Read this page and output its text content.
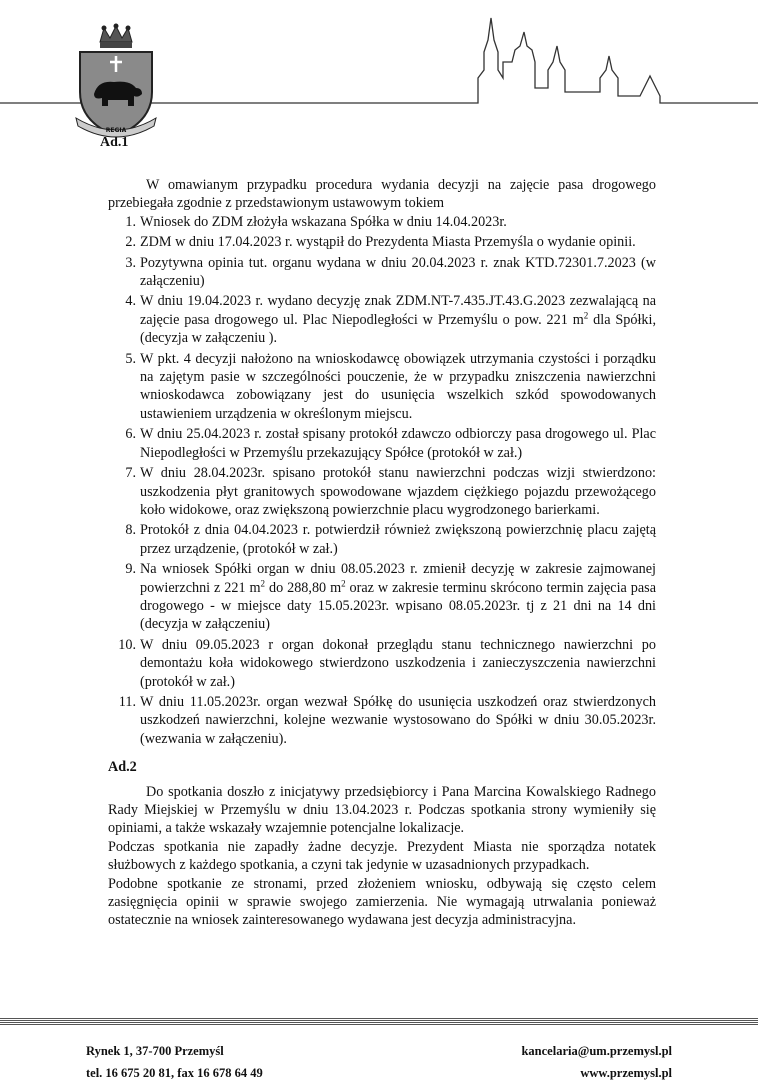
REGIA
Ad.1

W omawianym przypadku procedura wydania decyzji na zajęcie pasa drogowego przebiegała zgodnie z przedstawionym ustawowym tokiem

1. Wniosek do ZDM złożyła wskazana Spółka w dniu 14.04.2023r.
2. ZDM w dniu 17.04.2023 r. wystąpił do Prezydenta Miasta Przemyśla o wydanie opinii.
3. Pozytywna opinia tut. organu wydana w dniu 20.04.2023 r. znak KTD.72301.7.2023 (w załączeniu)
4. W dniu 19.04.2023 r. wydano decyzję znak ZDM.NT-7.435.JT.43.G.2023 zezwalającą na zajęcie pasa drogowego ul. Plac Niepodległości w Przemyślu o pow. 221 $m^2$ dla Spółki, (decyzja w załączeniu ).
5. W pkt. 4 decyzji nałożono na wnioskodawcę obowiązek utrzymania czystości i porządku na zajętym pasie w szczególności pouczenie, że w przypadku zniszczenia nawierzchni wnioskodawca zobowiązany jest do usunięcia wszelkich szkód spowodowanych ustawieniem urządzenia w określonym miejscu.
6. W dniu 25.04.2023 r. został spisany protokół zdawczo odbiorczy pasa drogowego ul. Plac Niepodległości w Przemyślu przekazujący Spółce (protokół w zał.)
7. W dniu 28.04.2023r. spisano protokół stanu nawierzchni podczas wizji stwierdzono: uszkodzenia płyt granitowych spowodowane wjazdem ciężkiego pojazdu przewożącego koło widokowe, oraz zwiększoną powierzchnie placu wygrodzonego barierkami.
8. Protokół z dnia 04.04.2023 r. potwierdził również zwiększoną powierzchnię placu zajętą przez urządzenie, (protokół w zał.)
9. Na wniosek Spółki organ w dniu 08.05.2023 r. zmienił decyzję w zakresie zajmowanej powierzchni z 221 $m^2$ do 288,80 $m^2$ oraz w zakresie terminu skrócono termin zajęcia pasa drogowego - w miejsce daty 15.05.2023r. wpisano 08.05.2023r. tj z 21 dni na 14 dni (decyzja w załączeniu)
10. W dniu 09.05.2023 r organ dokonał przeglądu stanu technicznego nawierzchni po demontażu koła widokowego stwierdzono uszkodzenia i zanieczyszczenia nawierzchni (protokół w zał.)
11. W dniu 11.05.2023r. organ wezwał Spółkę do usunięcia uszkodzeń oraz stwierdzonych uszkodzeń nawierzchni, kolejne wezwanie wystosowano do Spółki w dniu 30.05.2023r. (wezwania w załączeniu).

Ad.2

Do spotkania doszło z inicjatywy przedsiębiorcy i Pana Marcina Kowalskiego Radnego Rady Miejskiej w Przemyślu w dniu 13.04.2023 r. Podczas spotkania strony wymieniły się opiniami, a także wskazały wzajemnie potencjalne lokalizacje.

Podczas spotkania nie zapadły żadne decyzje. Prezydent Miasta nie sporządza notatek służbowych z każdego spotkania, a czyni tak jedynie w uzasadnionych przypadkach.

Podobne spotkanie ze stronami, przed złożeniem wniosku, odbywają się często celem zasięgnięcia opinii w sprawie swojego zamierzenia. Nie wymagają utrwalania ponieważ ostatecznie na wniosek zainteresowanego wydawana jest decyzja administracyjna.

Rynek 1, 37-700 Przemyśl
tel. 16 675 20 81, fax 16 678 64 49
kancelaria@um.przemysl.pl
www.przemysl.pl
